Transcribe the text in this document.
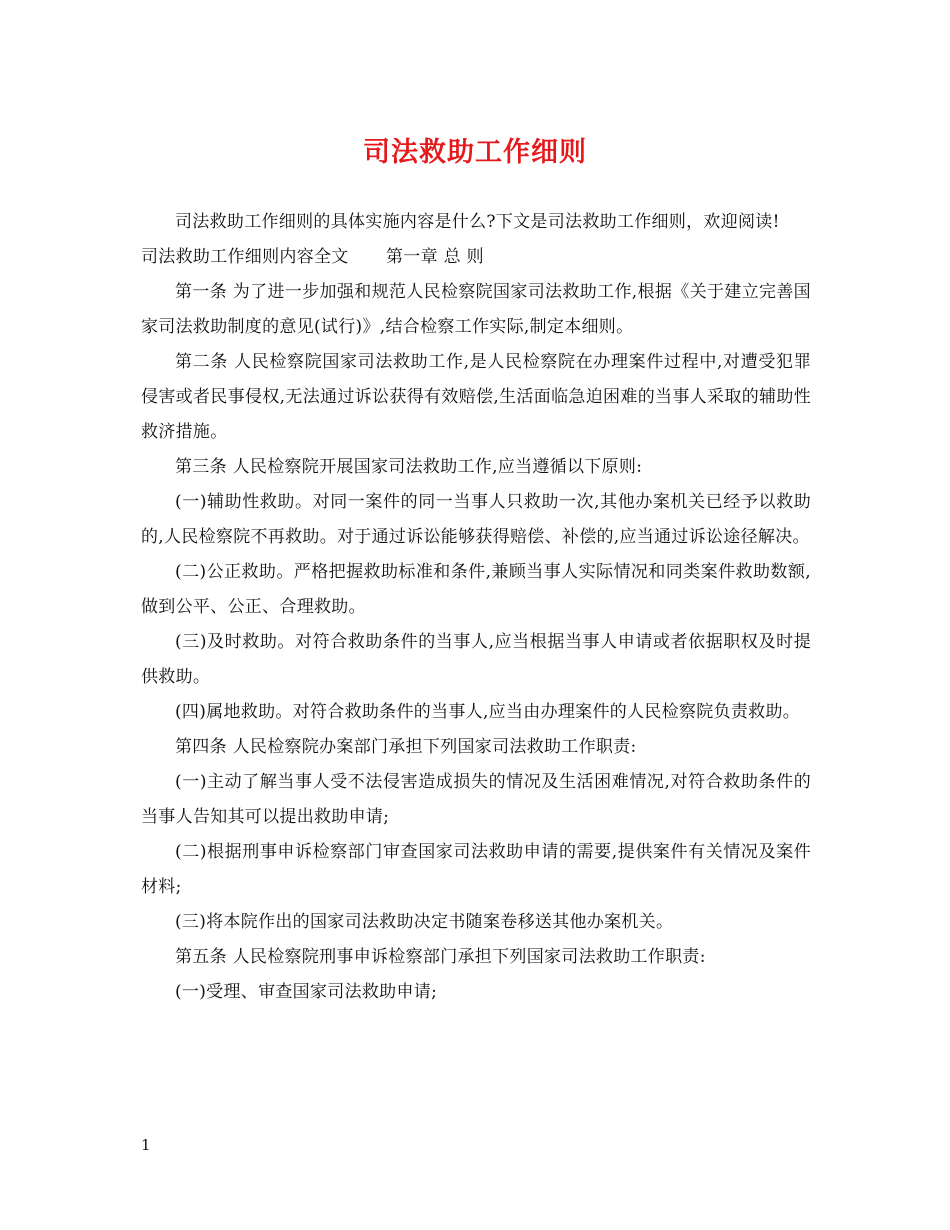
司法救助工作细则

司法救助工作细则的具体实施内容是什么?下文是司法救助工作细则，欢迎阅读!

司法救助工作细则内容全文 第一章 总 则

第一条 为了进一步加强和规范人民检察院国家司法救助工作,根据《关于建立完善国家司法救助制度的意见(试行)》,结合检察工作实际,制定本细则。

第二条 人民检察院国家司法救助工作,是人民检察院在办理案件过程中,对遭受犯罪侵害或者民事侵权,无法通过诉讼获得有效赔偿,生活面临急迫困难的当事人采取的辅助性救济措施。

第三条 人民检察院开展国家司法救助工作,应当遵循以下原则:

(一)辅助性救助。对同一案件的同一当事人只救助一次,其他办案机关已经予以救助的,人民检察院不再救助。对于通过诉讼能够获得赔偿、补偿的,应当通过诉讼途径解决。

(二)公正救助。严格把握救助标准和条件,兼顾当事人实际情况和同类案件救助数额,做到公平、公正、合理救助。

(三)及时救助。对符合救助条件的当事人,应当根据当事人申请或者依据职权及时提供救助。

(四)属地救助。对符合救助条件的当事人,应当由办理案件的人民检察院负责救助。

第四条 人民检察院办案部门承担下列国家司法救助工作职责:

(一)主动了解当事人受不法侵害造成损失的情况及生活困难情况,对符合救助条件的当事人告知其可以提出救助申请;

(二)根据刑事申诉检察部门审查国家司法救助申请的需要,提供案件有关情况及案件材料;

(三)将本院作出的国家司法救助决定书随案卷移送其他办案机关。

第五条 人民检察院刑事申诉检察部门承担下列国家司法救助工作职责:

(一)受理、审查国家司法救助申请;

1
